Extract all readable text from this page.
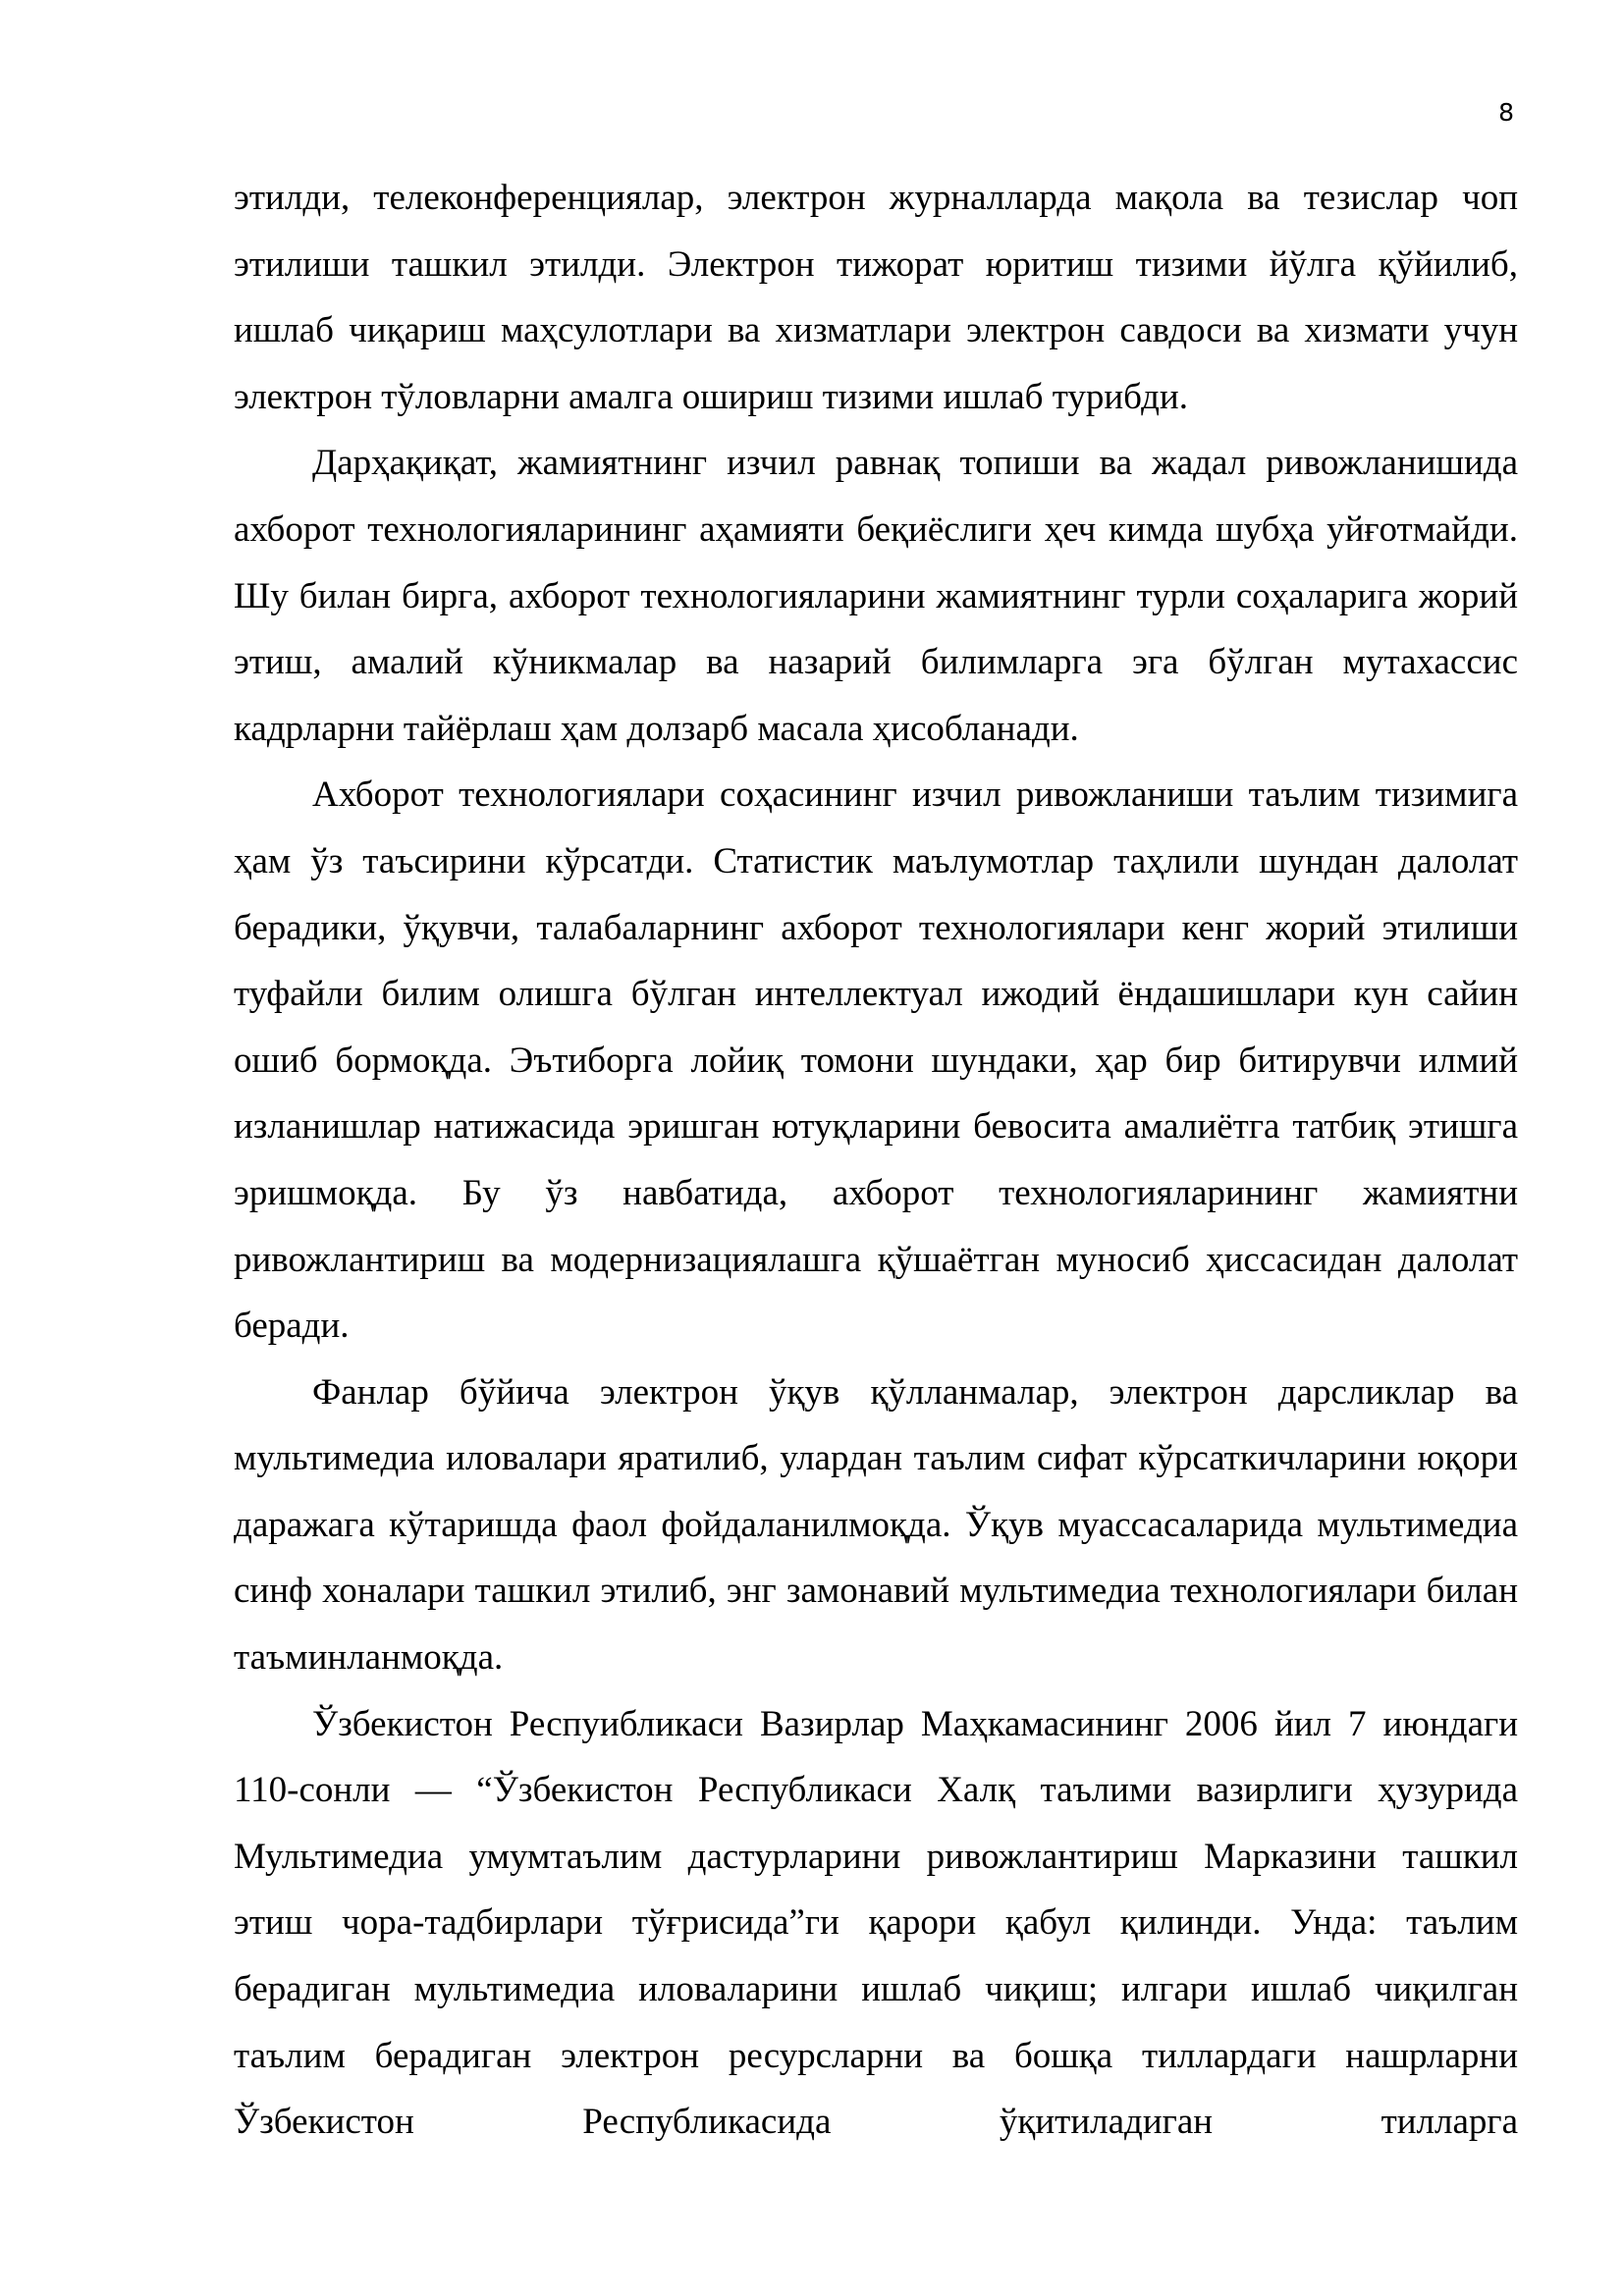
8

этилди, телеконференциялар, электрон журналларда мақола ва тезислар чоп этилиши ташкил этилди. Электрон тижорат юритиш тизими йўлга қўйилиб, ишлаб чиқариш маҳсулотлари ва хизматлари электрон савдоси ва хизмати учун электрон тўловларни амалга ошириш тизими ишлаб турибди.

Дарҳақиқат, жамиятнинг изчил равнақ топиши ва жадал ривожланишида ахборот технологияларининг аҳамияти беқиёслиги ҳеч кимда шубҳа уйғотмайди. Шу билан бирга, ахборот технологияларини жамиятнинг турли соҳаларига жорий этиш, амалий кўникмалар ва назарий билимларга эга бўлган мутахассис кадрларни тайёрлаш ҳам долзарб масала ҳисобланади.

Ахборот технологиялари соҳасининг изчил ривожланиши таълим тизимига ҳам ўз таъсирини кўрсатди. Статистик маълумотлар таҳлили шундан далолат берадики, ўқувчи, талабаларнинг ахборот технологиялари кенг жорий этилиши туфайли билим олишга бўлган интеллектуал ижодий ёндашишлари кун сайин ошиб бормоқда. Эътиборга лойиқ томони шундаки, ҳар бир битирувчи илмий изланишлар натижасида эришган ютуқларини бевосита амалиётга татбиқ этишга эришмоқда. Бу ўз навбатида, ахборот технологияларининг жамиятни ривожлантириш ва модернизациялашга қўшаётган муносиб ҳиссасидан далолат беради.

Фанлар бўйича электрон ўқув қўлланмалар, электрон дарсликлар ва мультимедиа иловалари яратилиб, улардан таълим сифат кўрсаткичларини юқори даражага кўтаришда фаол фойдаланилмоқда. Ўқув муассасаларида мультимедиа синф хоналари ташкил этилиб, энг замонавий мультимедиа технологиялари билан таъминланмоқда.

Ўзбекистон Респуибликаси Вазирлар Маҳкамасининг 2006 йил 7 июндаги 110-сонли — “Ўзбекистон Республикаси Халқ таълими вазирлиги ҳузурида Мультимедиа умумтаълим дастурларини ривожлантириш Марказини ташкил этиш чора-тадбирлари тўғрисида”ги қарори қабул қилинди. Унда: таълим берадиган мультимедиа иловаларини ишлаб чиқиш; илгари ишлаб чиқилган таълим берадиган электрон ресурсларни ва бошқа тиллардаги нашрларни Ўзбекистон Республикасида ўқитиладиган тилларга
